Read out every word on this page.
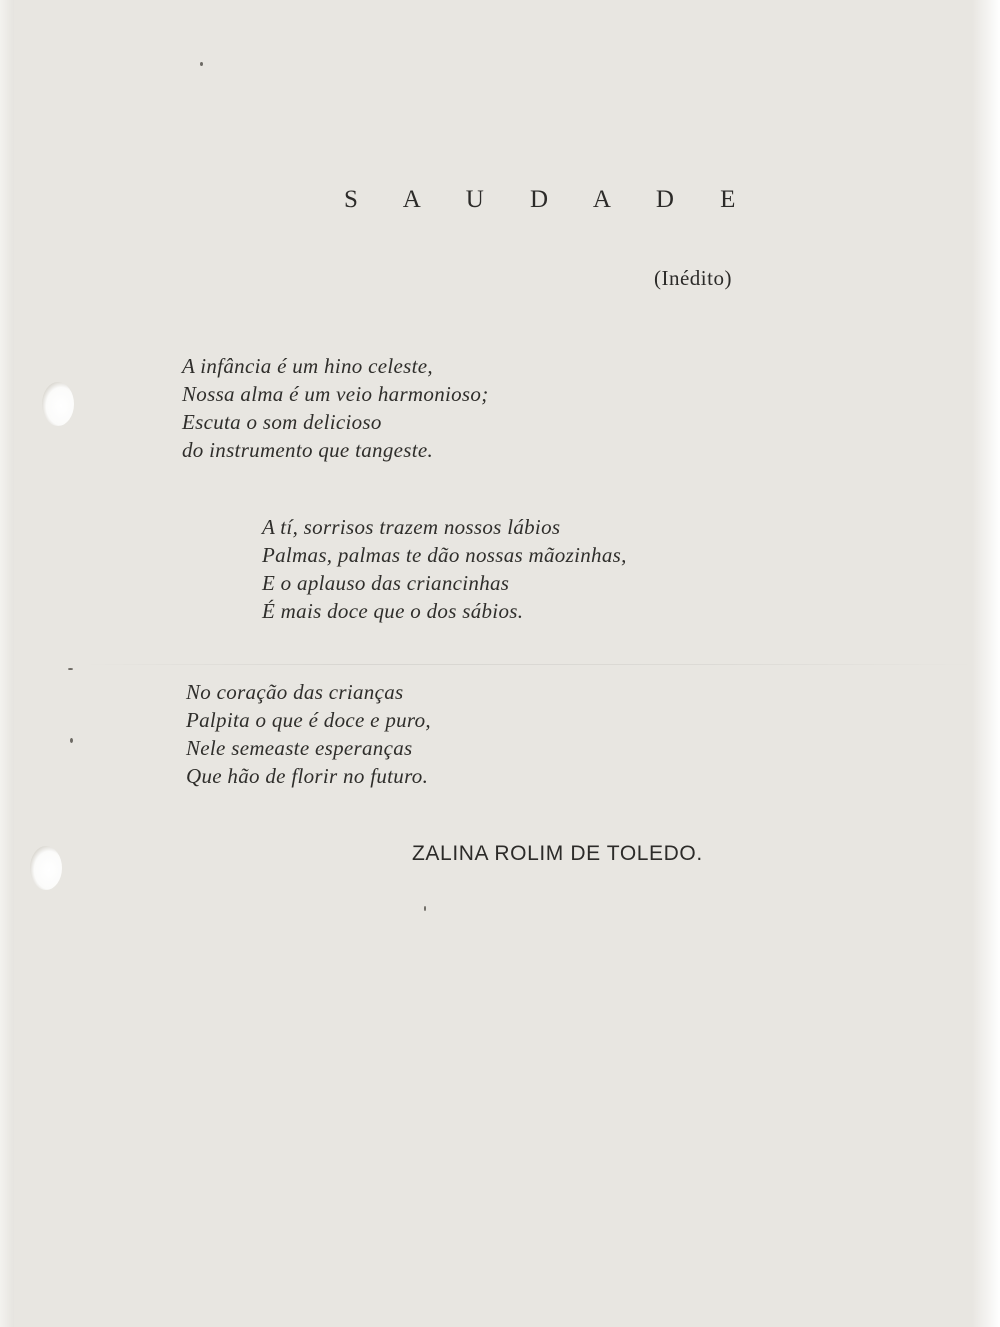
S A U D A D E
(Inédito)
A infância é um hino celeste,
Nossa alma é um veio harmonioso;
Escuta o som delicioso
do instrumento que tangeste.
A tí, sorrisos trazem nossos lábios
Palmas, palmas te dão nossas mãozinhas,
E o aplauso das criancinhas
É mais doce que o dos sábios.
No coração das crianças
Palpita o que é doce e puro,
Nele semeaste esperanças
Que hão de florir no futuro.
ZALINA ROLIM DE TOLEDO.
